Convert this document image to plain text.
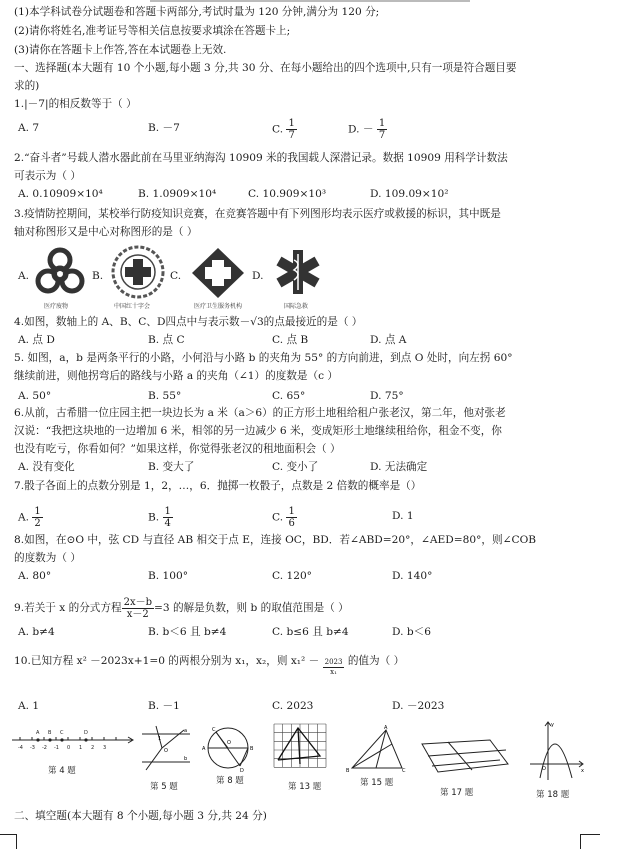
(1)本学科试卷分试题卷和答题卡两部分,考试时量为 120 分钟,满分为 120 分;
(2)请你将姓名,准考证号等相关信息按要求填涂在答题卡上;
(3)请你在答题卡上作答,答在本试题卷上无效.
一、选择题(本大题有 10 个小题,每小题 3 分,共 30 分、在每小题给出的四个选项中,只有一项是符合题目要
求的)
1.|－7|的相反数等于（ ）
A. 7	B. －7	C. $\frac{1}{7}$	D. － $\frac{1}{7}$
2.“奋斗者”号载人潜水器此前在马里亚纳海沟 10909 米的我国载人深潜记录。数据 10909 用科学计数法
可表示为（ ）
A. 0.10909×10⁴	B. 1.0909×10⁴	C. 10.909×10³	D. 109.09×10²
3.疫情防控期间，某校举行防疫知识竞赛，在竞赛答题中有下列图形均表示医疗或救援的标识，其中既是
轴对称图形又是中心对称图形的是（ ）
A.
医疗废物
B.
中国红十字会
C.
医疗卫生服务机构
D.
国际急救
4.如图，数轴上的 A、B、C、D四点中与表示数－√3的点最接近的是（ ）
A. 点 D	B. 点 C	C. 点 B	D. 点 A
5. 如图，a，b 是两条平行的小路，小何沿与小路 b 的夹角为 55° 的方向前进，到点 O 处时，向左拐 60°
继续前进，则他拐弯后的路线与小路 a 的夹角（∠1）的度数是（c ）
A. 50°	B. 55°	C. 65°	D. 75°
6.从前，古希腊一位庄园主把一块边长为 a 米（a＞6）的正方形土地租给租户张老汉，第二年，他对张老
汉说：“我把这块地的一边增加 6 米，相邻的另一边减少 6 米，变成矩形土地继续租给你，租金不变，你
也没有吃亏，你看如何？”如果这样，你觉得张老汉的租地面积会（ ）
A. 没有变化	B. 变大了	C. 变小了	D. 无法确定
7.骰子各面上的点数分别是 1，2，…，6．抛掷一枚骰子，点数是 2 倍数的概率是（）
A. $\frac{1}{2}$	B. $\frac{1}{4}$	C. $\frac{1}{6}$	D. 1
8.如图，在⊙O 中，弦 CD 与直径 AB 相交于点 E，连接 OC，BD．若∠ABD=20°，∠AED=80°，则∠COB
的度数为（ ）
A. 80°	B. 100°	C. 120°	D. 140°
9.若关于 x 的分式方程 $\frac{2x-b}{x-2} =3$ 的解是负数，则 b 的取值范围是（ ）
A. b≠4	B. b＜6 且 b≠4	C. b≤6 且 b≠4	D. b＜6
10.已知方程 x² －2023x+1=0 的两根分别为 x₁，x₂，则 $x_1^2 - \frac{2023}{\text{x₁}}$ 的值为（ ）
A. 1	B. －1	C. 2023	D. －2023
-4 -3 -2 -1 0 1 2 3
A B C	D
第 4 题
a
b
O
1
第 5 题
A	B
C
D
O
第 8 题
第 13 题
B	C
A
第 15 题
第 17 题
O	x
y
第 18 题
二、填空题(本大题有 8 个小题,每小题 3 分,共 24 分)
